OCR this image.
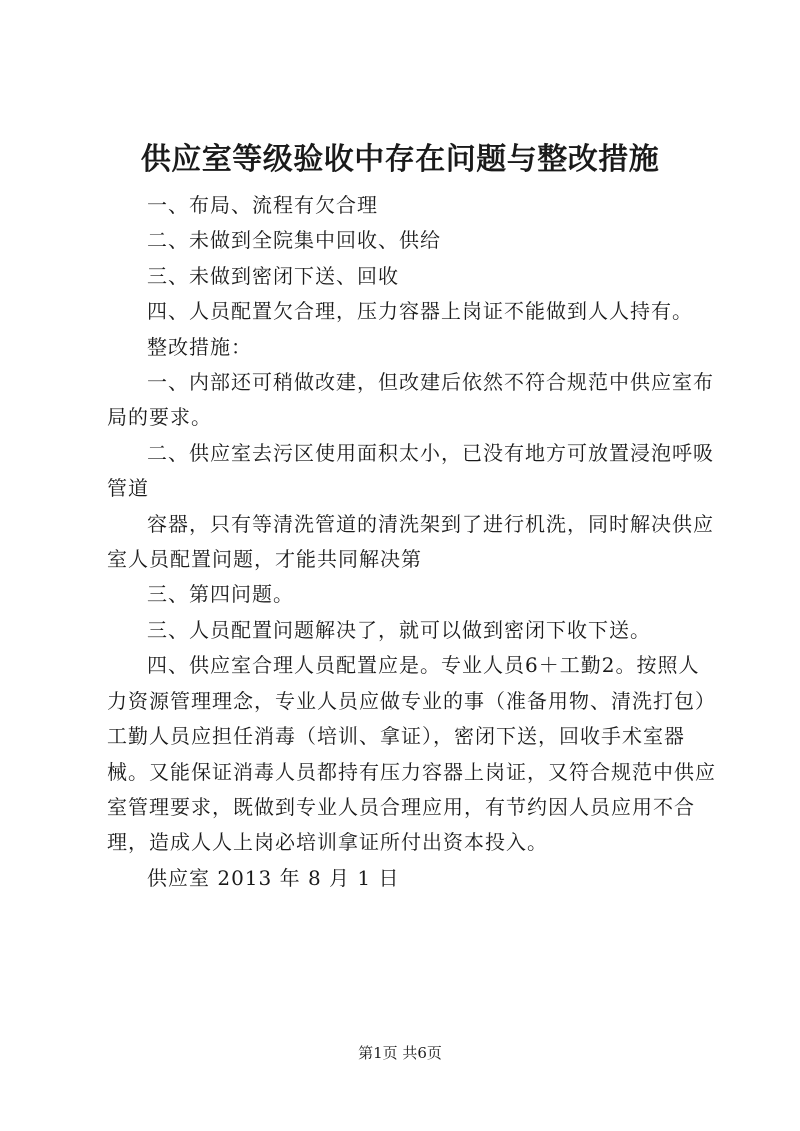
供应室等级验收中存在问题与整改措施

一、布局、流程有欠合理

二、未做到全院集中回收、供给

三、未做到密闭下送、回收

四、人员配置欠合理，压力容器上岗证不能做到人人持有。

整改措施：

一、内部还可稍做改建，但改建后依然不符合规范中供应室布局的要求。

二、供应室去污区使用面积太小，已没有地方可放置浸泡呼吸管道

容器，只有等清洗管道的清洗架到了进行机洗，同时解决供应室人员配置问题，才能共同解决第

三、第四问题。

三、人员配置问题解决了，就可以做到密闭下收下送。

四、供应室合理人员配置应是。专业人员6＋工勤2。按照人力资源管理理念，专业人员应做专业的事（准备用物、清洗打包）工勤人员应担任消毒（培训、拿证），密闭下送，回收手术室器械。又能保证消毒人员都持有压力容器上岗证，又符合规范中供应室管理要求，既做到专业人员合理应用，有节约因人员应用不合理，造成人人上岗必培训拿证所付出资本投入。

供应室 2013 年 8 月 1 日

第1页 共6页
